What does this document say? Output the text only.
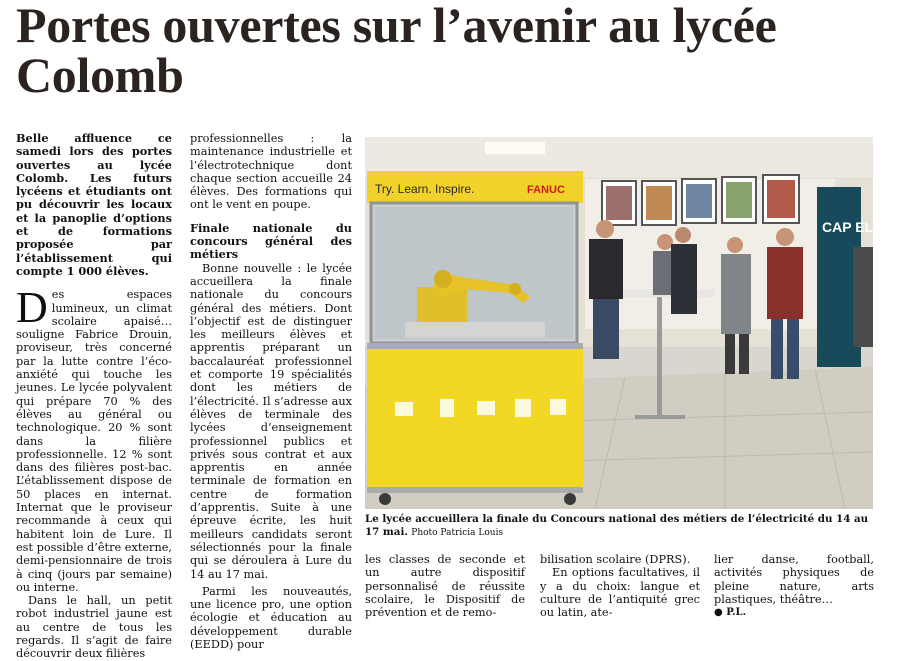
Portes ouvertes sur l’avenir au lycée Colomb

Belle affluence ce samedi lors des portes ouvertes au lycée Colomb. Les futurs lycéens et étudiants ont pu découvrir les locaux et la panoplie d’options et de formations proposée par l’établissement qui compte 1 000 élèves.

Des espaces lumineux, un climat scolaire apaisé… souligne Fabrice Drouin, proviseur, très concerné par la lutte contre l’éco-anxiété qui touche les jeunes. Le lycée polyvalent qui prépare 70 % des élèves au général ou technologique. 20 % sont dans la filière professionnelle. 12 % sont dans des filières post-bac. L’établissement dispose de 50 places en internat. Internat que le proviseur recommande à ceux qui habitent loin de Lure. Il est possible d’être externe, demi-pensionnaire de trois à cinq (jours par semaine) ou interne.

Dans le hall, un petit robot industriel jaune est au centre de tous les regards. Il s’agit de faire découvrir deux filières

professionnelles : la maintenance industrielle et l’électrotechnique dont chaque section accueille 24 élèves. Des formations qui ont le vent en poupe.

Finale nationale du concours général des métiers

Bonne nouvelle : le lycée accueillera la finale nationale du concours général des métiers. Dont l’objectif est de distinguer les meilleurs élèves et apprentis préparant un baccalauréat professionnel et comporte 19 spécialités dont les métiers de l’électricité. Il s’adresse aux élèves de terminale des lycées d’enseignement professionnel publics et privés sous contrat et aux apprentis en année terminale de formation en centre de formation d’apprentis. Suite à une épreuve écrite, les huit meilleurs candidats seront sélectionnés pour la finale qui se déroulera à Lure du 14 au 17 mai.

Parmi les nouveautés, une licence pro, une option écologie et éducation au développement durable (EEDD) pour

CAP ELEC
Try. Learn. Inspire.	FANUC
Le lycée accueillera la finale du Concours national des métiers de l’électricité du 14 au 17 mai. Photo Patricia Louis

les classes de seconde et un autre dispositif personnalisé de réussite scolaire, le Dispositif de prévention et de remo-

bilisation scolaire (DPRS).

En options facultatives, il y a du choix: langue et culture de l’antiquité grec ou latin, ate-

lier danse, football, activités physiques de pleine nature, arts plastiques, théâtre…

● P.L.
